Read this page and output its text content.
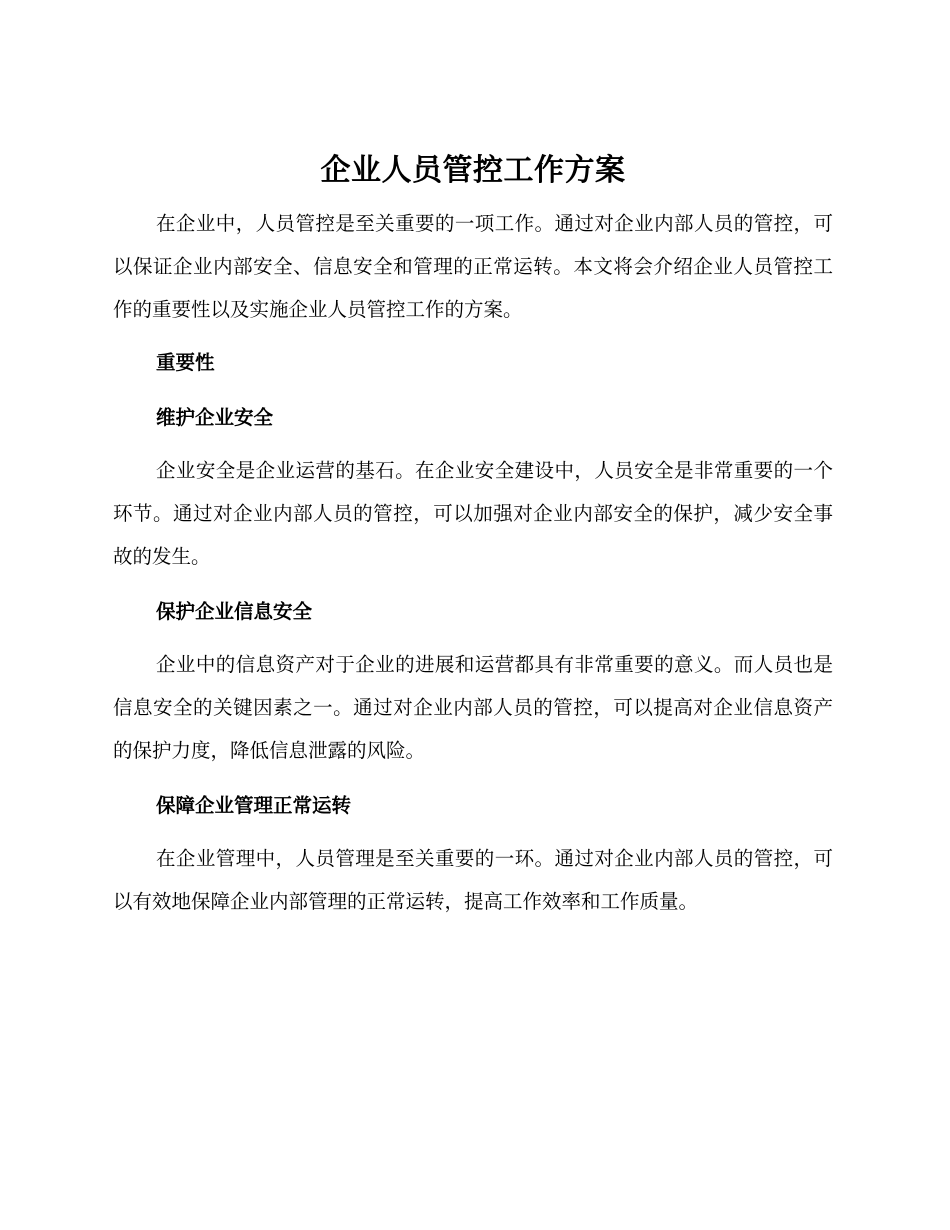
企业人员管控工作方案

在企业中，人员管控是至关重要的一项工作。通过对企业内部人员的管控，可以保证企业内部安全、信息安全和管理的正常运转。本文将会介绍企业人员管控工作的重要性以及实施企业人员管控工作的方案。

重要性
维护企业安全

企业安全是企业运营的基石。在企业安全建设中，人员安全是非常重要的一个环节。通过对企业内部人员的管控，可以加强对企业内部安全的保护，减少安全事故的发生。

保护企业信息安全

企业中的信息资产对于企业的进展和运营都具有非常重要的意义。而人员也是信息安全的关键因素之一。通过对企业内部人员的管控，可以提高对企业信息资产的保护力度，降低信息泄露的风险。

保障企业管理正常运转

在企业管理中，人员管理是至关重要的一环。通过对企业内部人员的管控，可以有效地保障企业内部管理的正常运转，提高工作效率和工作质量。
